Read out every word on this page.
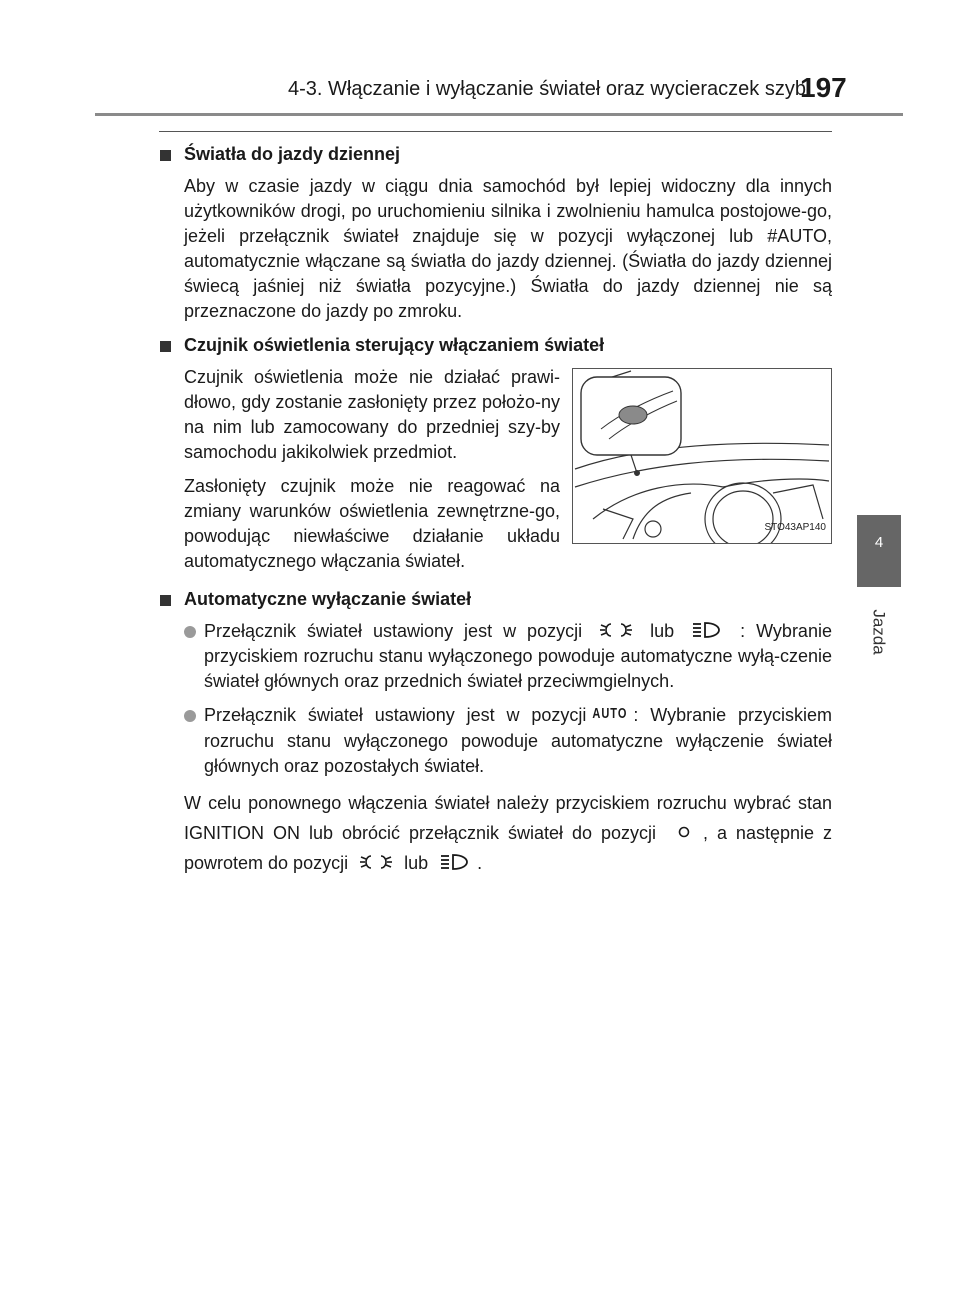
4-3. Włączanie i wyłączanie świateł oraz wycieraczek szyb
197
4
Jazda
Światła do jazdy dziennej

Aby w czasie jazdy w ciągu dnia samochód był lepiej widoczny dla innych użytkowników drogi, po uruchomieniu silnika i zwolnieniu hamulca postojowe-go, jeżeli przełącznik świateł znajduje się w pozycji wyłączonej lub #AUTO, automatycznie włączane są światła do jazdy dziennej. (Światła do jazdy dziennej świecą jaśniej niż światła pozycyjne.) Światła do jazdy dziennej nie są przeznaczone do jazdy po zmroku.

Czujnik oświetlenia sterujący włączaniem świateł

Czujnik oświetlenia może nie działać prawi-dłowo, gdy zostanie zasłonięty przez położo-ny na nim lub zamocowany do przedniej szy-by samochodu jakikolwiek przedmiot.

Zasłonięty czujnik może nie reagować na zmiany warunków oświetlenia zewnętrzne-go, powodując niewłaściwe działanie układu automatycznego włączania świateł.

STO43AP140
Automatyczne wyłączanie świateł
Przełącznik świateł ustawiony jest w pozycji	lub	: Wybranie przyciskiem rozruchu stanu wyłączonego powoduje automatyczne wyłą-czenie świateł głównych oraz przednich świateł przeciwmgielnych.
Przełącznik świateł ustawiony jest w pozycji AUTO : Wybranie przyciskiem rozruchu stanu wyłączonego powoduje automatyczne wyłączenie świateł głównych oraz pozostałych świateł.

W celu ponownego włączenia świateł należy przyciskiem rozruchu wybrać stan IGNITION ON lub obrócić przełącznik świateł do pozycji	, a następnie z powrotem do pozycji	lub	.
